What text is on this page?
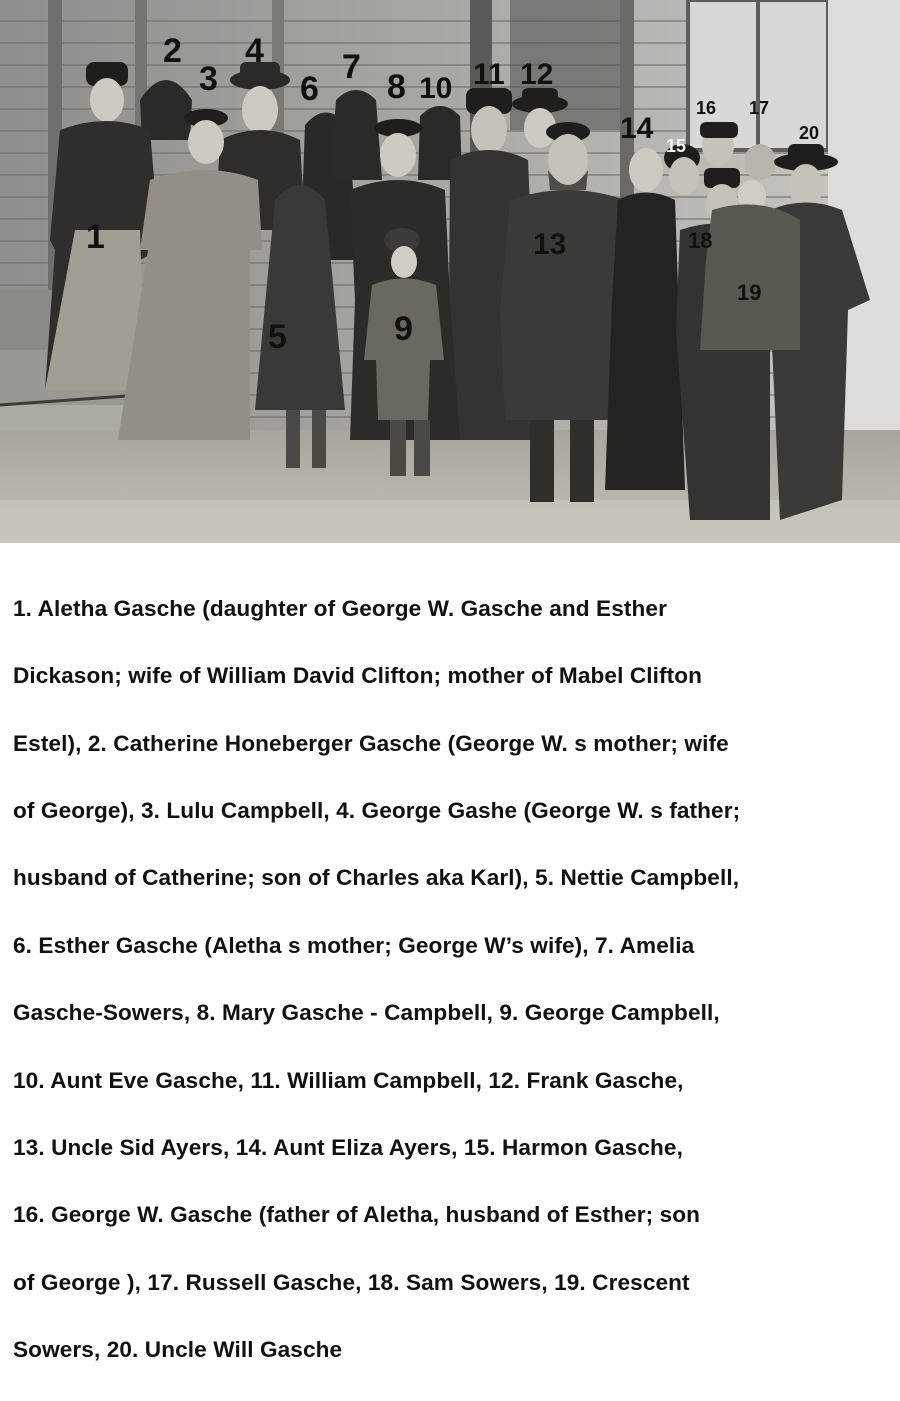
1
2
3
4
5
6
7
8
9
10 11 12
13
14
15
16 17
18
19
20

1. Aletha Gasche (daughter of George W. Gasche and Esther

Dickason; wife of William David Clifton; mother of Mabel Clifton

Estel), 2. Catherine Honeberger Gasche (George W. s mother; wife

of George), 3. Lulu Campbell, 4. George Gashe (George W. s father;

husband of Catherine; son of Charles aka Karl), 5. Nettie Campbell,

6. Esther Gasche (Aletha s mother; George W’s wife), 7. Amelia

Gasche-Sowers, 8. Mary Gasche - Campbell, 9. George Campbell,

10. Aunt Eve Gasche, 11. William Campbell, 12. Frank Gasche,

13. Uncle Sid Ayers, 14. Aunt Eliza Ayers, 15. Harmon Gasche,

16. George W. Gasche (father of Aletha, husband of Esther; son

of George ), 17. Russell Gasche, 18. Sam Sowers, 19. Crescent

Sowers, 20. Uncle Will Gasche
